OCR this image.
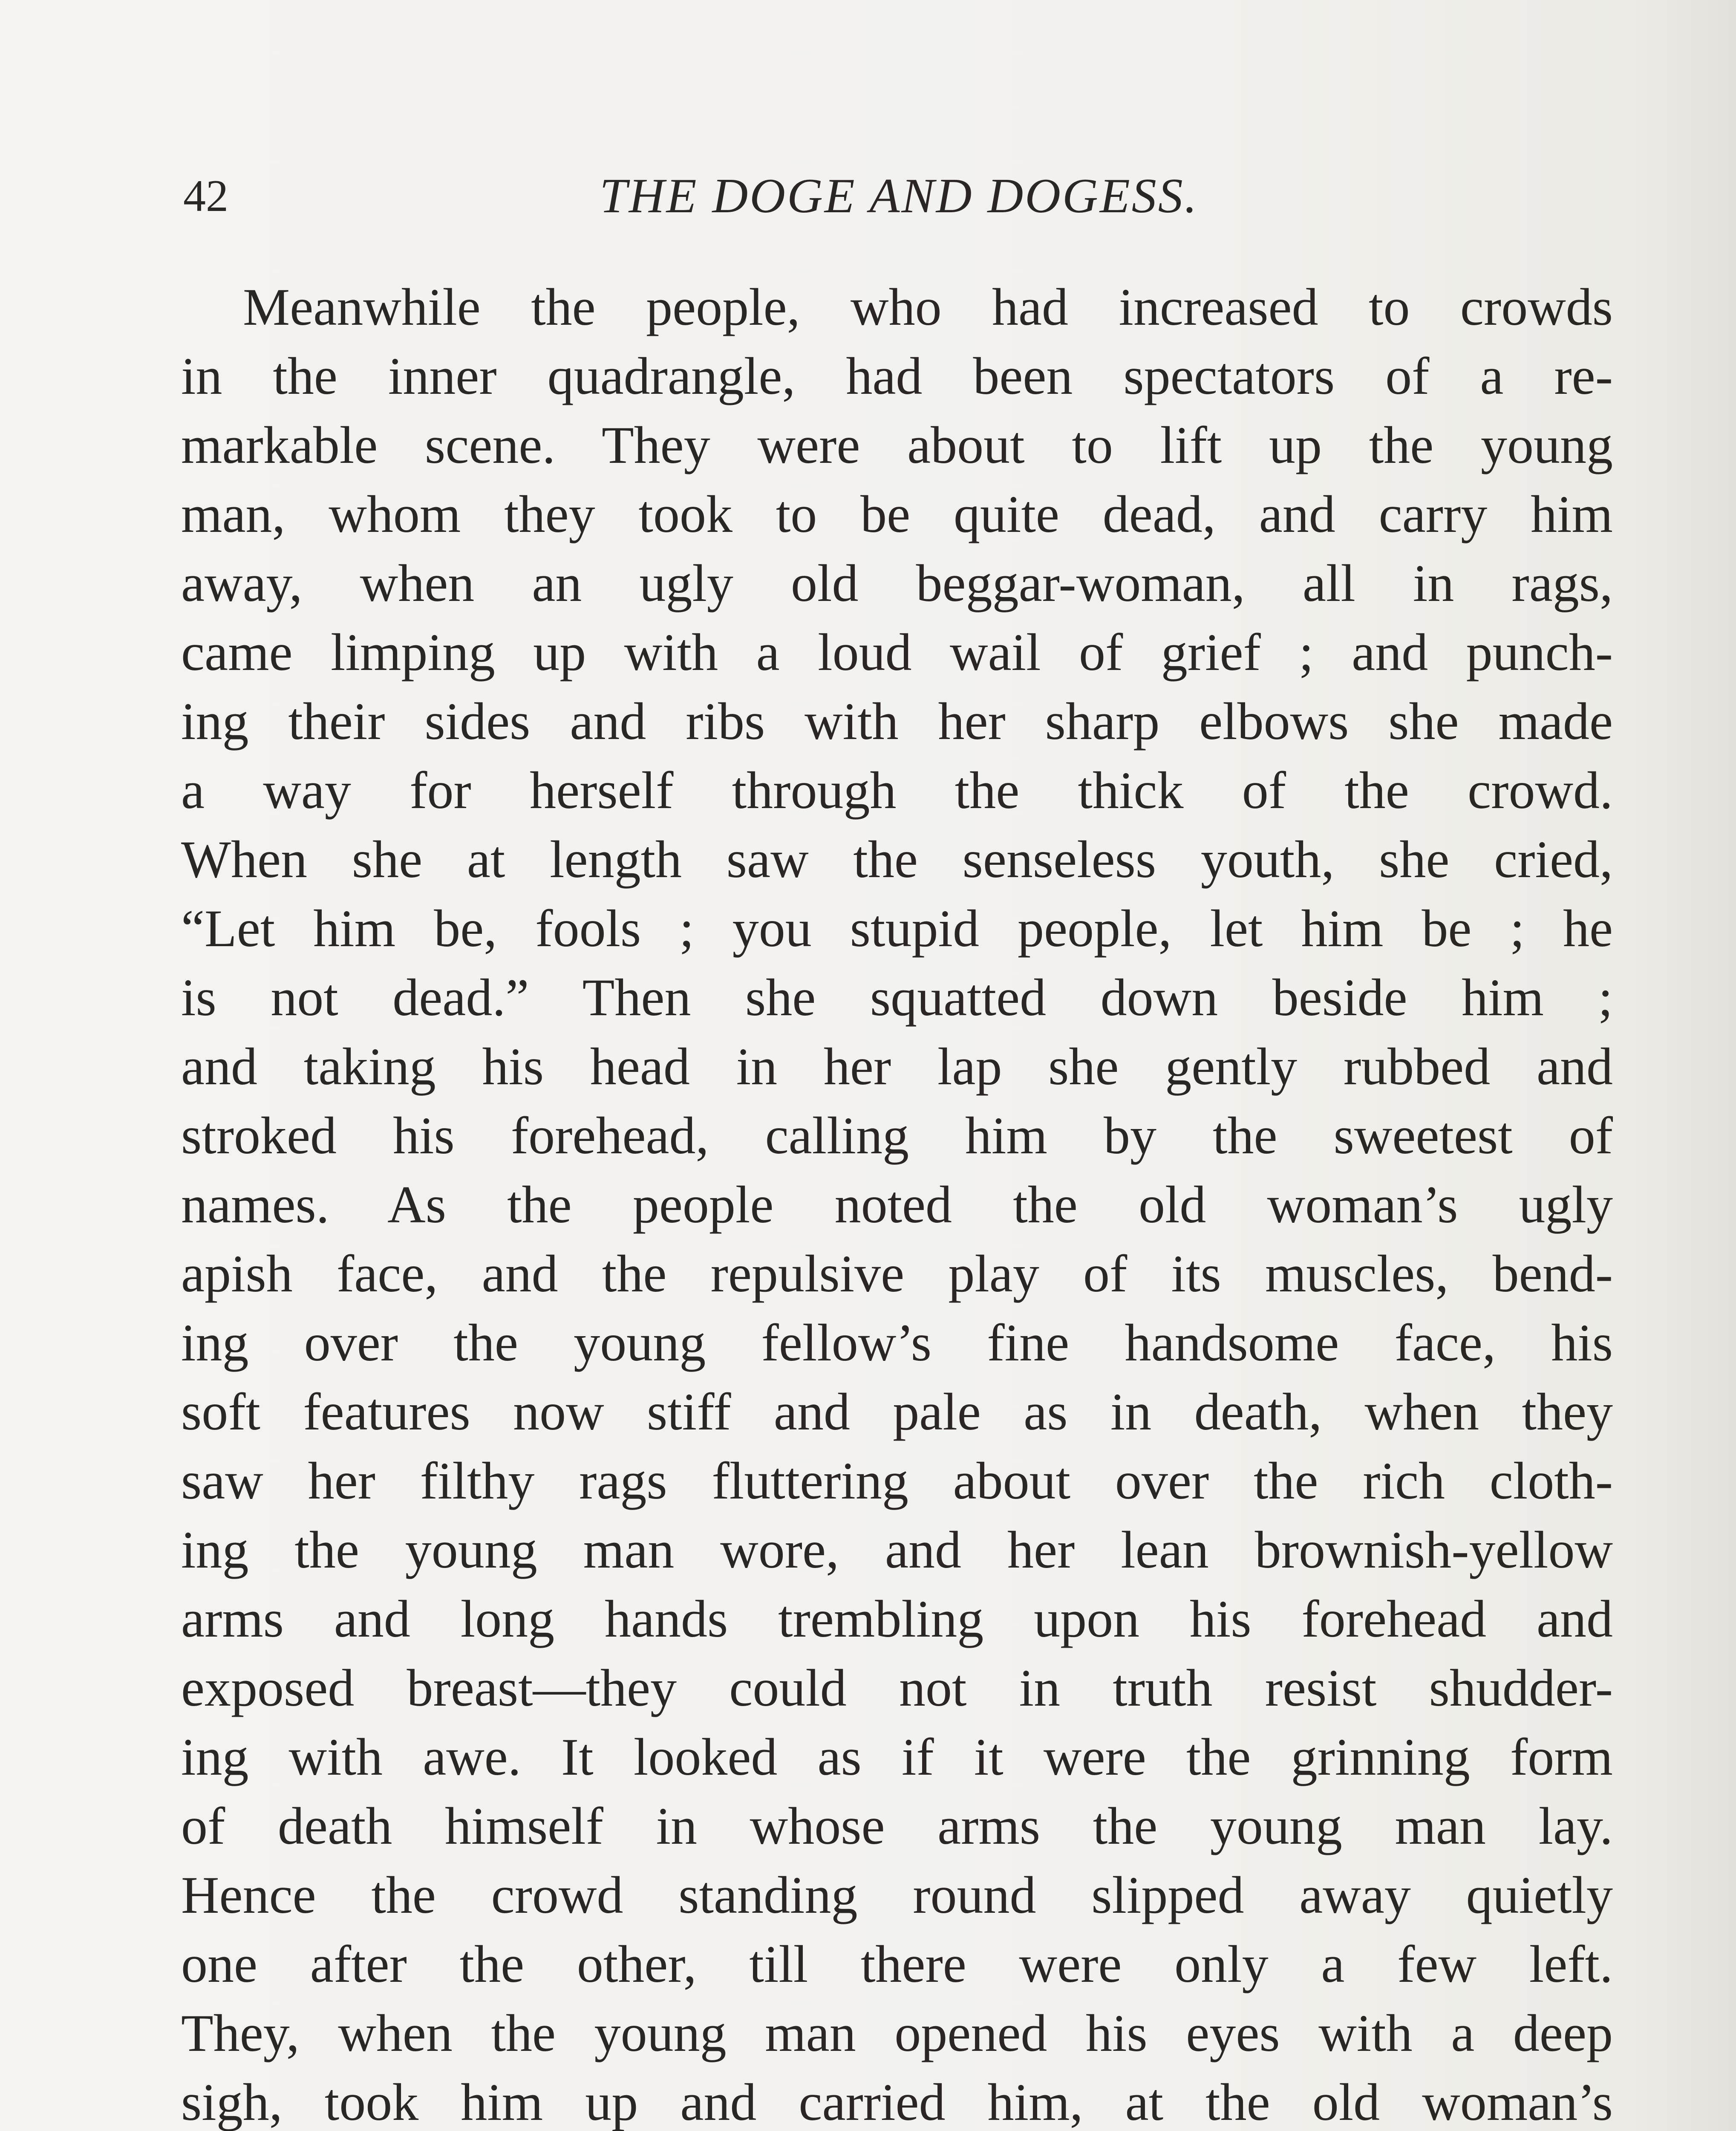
42	THE DOGE AND DOGESS.
Meanwhile the people, who had increased to crowds
in the inner quadrangle, had been spectators of a re-
markable scene. They were about to lift up the young
man, whom they took to be quite dead, and carry him
away, when an ugly old beggar-woman, all in rags,
came limping up with a loud wail of grief ; and punch-
ing their sides and ribs with her sharp elbows she made
a way for herself through the thick of the crowd.
When she at length saw the senseless youth, she cried,
“Let him be, fools ; you stupid people, let him be ; he
is not dead.” Then she squatted down beside him ;
and taking his head in her lap she gently rubbed and
stroked his forehead, calling him by the sweetest of
names. As the people noted the old woman’s ugly
apish face, and the repulsive play of its muscles, bend-
ing over the young fellow’s fine handsome face, his
soft features now stiff and pale as in death, when they
saw her filthy rags fluttering about over the rich cloth-
ing the young man wore, and her lean brownish-yellow
arms and long hands trembling upon his forehead and
exposed breast—they could not in truth resist shudder-
ing with awe. It looked as if it were the grinning form
of death himself in whose arms the young man lay.
Hence the crowd standing round slipped away quietly
one after the other, till there were only a few left.
They, when the young man opened his eyes with a deep
sigh, took him up and carried him, at the old woman’s
